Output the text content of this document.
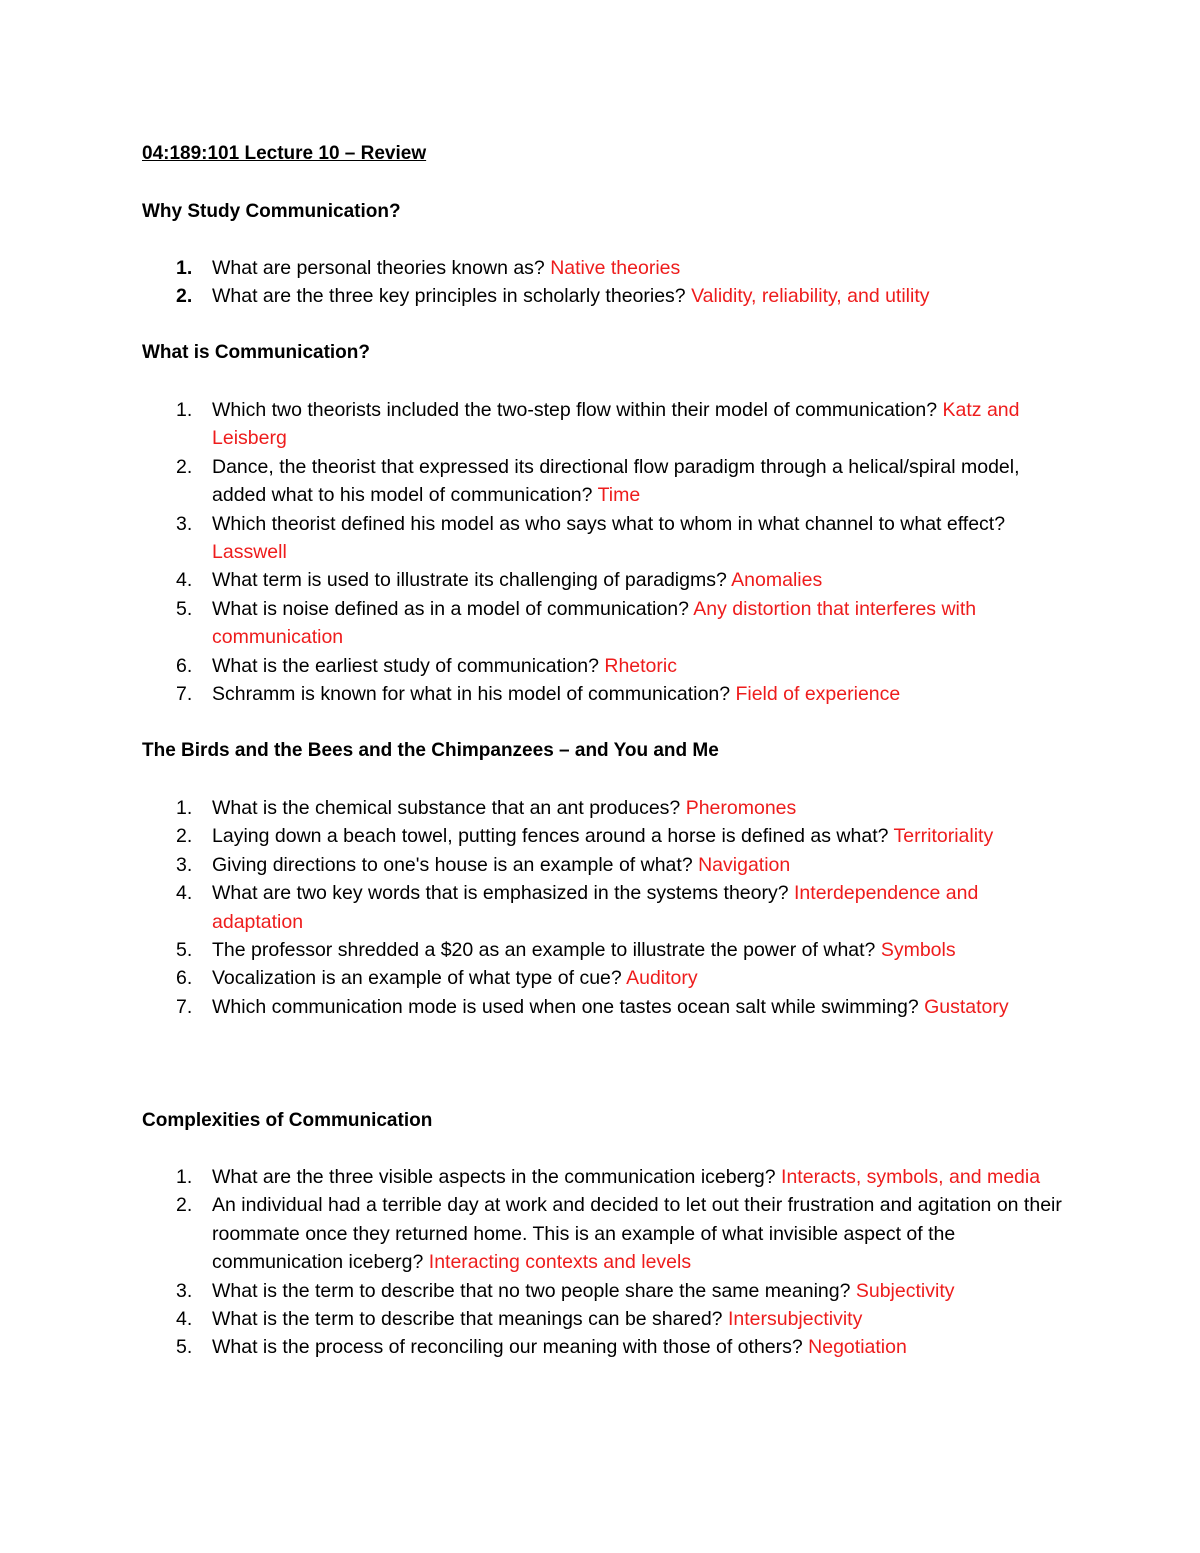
04:189:101 Lecture 10 – Review
Why Study Communication?
1.	What are personal theories known as? Native theories
2.	What are the three key principles in scholarly theories? Validity, reliability, and utility
What is Communication?
1.	Which two theorists included the two-step flow within their model of communication? Katz and Leisberg
2.	Dance, the theorist that expressed its directional flow paradigm through a helical/spiral model, added what to his model of communication? Time
3.	Which theorist defined his model as who says what to whom in what channel to what effect? Lasswell
4.	What term is used to illustrate its challenging of paradigms? Anomalies
5.	What is noise defined as in a model of communication? Any distortion that interferes with communication
6.	What is the earliest study of communication? Rhetoric
7.	Schramm is known for what in his model of communication? Field of experience
The Birds and the Bees and the Chimpanzees – and You and Me
1.	What is the chemical substance that an ant produces? Pheromones
2.	Laying down a beach towel, putting fences around a horse is defined as what? Territoriality
3.	Giving directions to one's house is an example of what? Navigation
4.	What are two key words that is emphasized in the systems theory? Interdependence and adaptation
5.	The professor shredded a $20 as an example to illustrate the power of what? Symbols
6.	Vocalization is an example of what type of cue? Auditory
7.	Which communication mode is used when one tastes ocean salt while swimming? Gustatory
Complexities of Communication
1.	What are the three visible aspects in the communication iceberg? Interacts, symbols, and media
2.	An individual had a terrible day at work and decided to let out their frustration and agitation on their roommate once they returned home. This is an example of what invisible aspect of the communication iceberg? Interacting contexts and levels
3.	What is the term to describe that no two people share the same meaning? Subjectivity
4.	What is the term to describe that meanings can be shared? Intersubjectivity
5.	What is the process of reconciling our meaning with those of others? Negotiation
